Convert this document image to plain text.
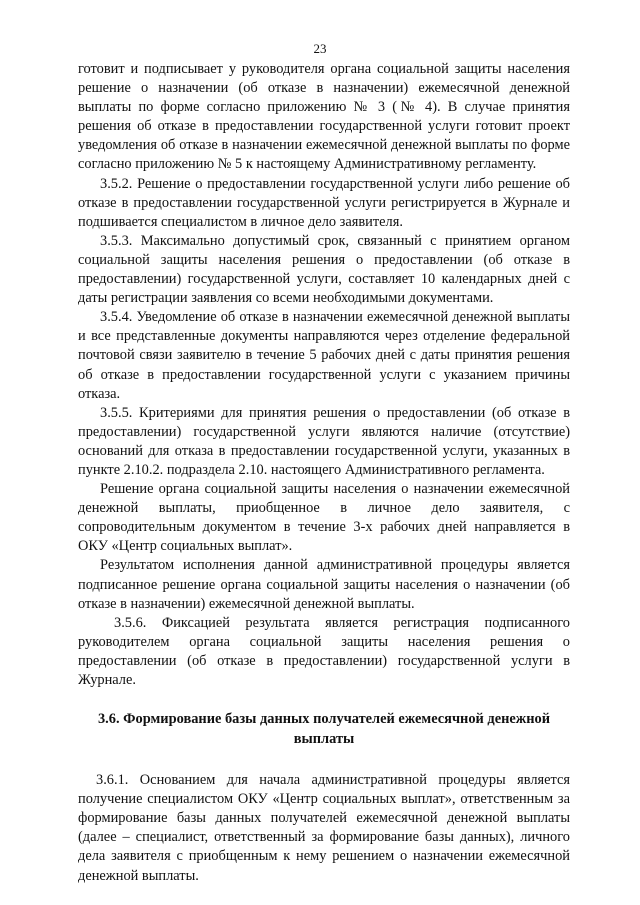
23

готовит и подписывает у руководителя органа социальной защиты населения решение о назначении (об отказе в назначении) ежемесячной денежной выплаты по форме согласно приложению № 3 (№ 4). В случае принятия решения об отказе в предоставлении государственной услуги готовит проект уведомления об отказе в назначении ежемесячной денежной выплаты по форме согласно приложению № 5 к настоящему Административному регламенту.

3.5.2. Решение о предоставлении государственной услуги либо решение об отказе в предоставлении государственной услуги регистрируется в Журнале и подшивается специалистом в личное дело заявителя.

3.5.3. Максимально допустимый срок, связанный с принятием органом социальной защиты населения решения о предоставлении (об отказе в предоставлении) государственной услуги, составляет 10 календарных дней с даты регистрации заявления со всеми необходимыми документами.

3.5.4. Уведомление об отказе в назначении ежемесячной денежной выплаты и все представленные документы направляются через отделение федеральной почтовой связи заявителю в течение 5 рабочих дней с даты принятия решения об отказе в предоставлении государственной услуги с указанием причины отказа.

3.5.5. Критериями для принятия решения о предоставлении (об отказе в предоставлении) государственной услуги являются наличие (отсутствие) оснований для отказа в предоставлении государственной услуги, указанных в пункте 2.10.2. подраздела 2.10. настоящего Административного регламента.

Решение органа социальной защиты населения о назначении ежемесячной денежной выплаты, приобщенное в личное дело заявителя, с сопроводительным документом в течение 3-х рабочих дней направляется в ОКУ «Центр социальных выплат».

Результатом исполнения данной административной процедуры является подписанное решение органа социальной защиты населения о назначении (об отказе в назначении) ежемесячной денежной выплаты.

3.5.6. Фиксацией результата является регистрация подписанного руководителем органа социальной защиты населения решения о предоставлении (об отказе в предоставлении) государственной услуги в Журнале.

3.6. Формирование базы данных получателей ежемесячной денежной выплаты

3.6.1. Основанием для начала административной процедуры является получение специалистом ОКУ «Центр социальных выплат», ответственным за формирование базы данных получателей ежемесячной денежной выплаты (далее – специалист, ответственный за формирование базы данных), личного дела заявителя с приобщенным к нему решением о назначении ежемесячной денежной выплаты.
